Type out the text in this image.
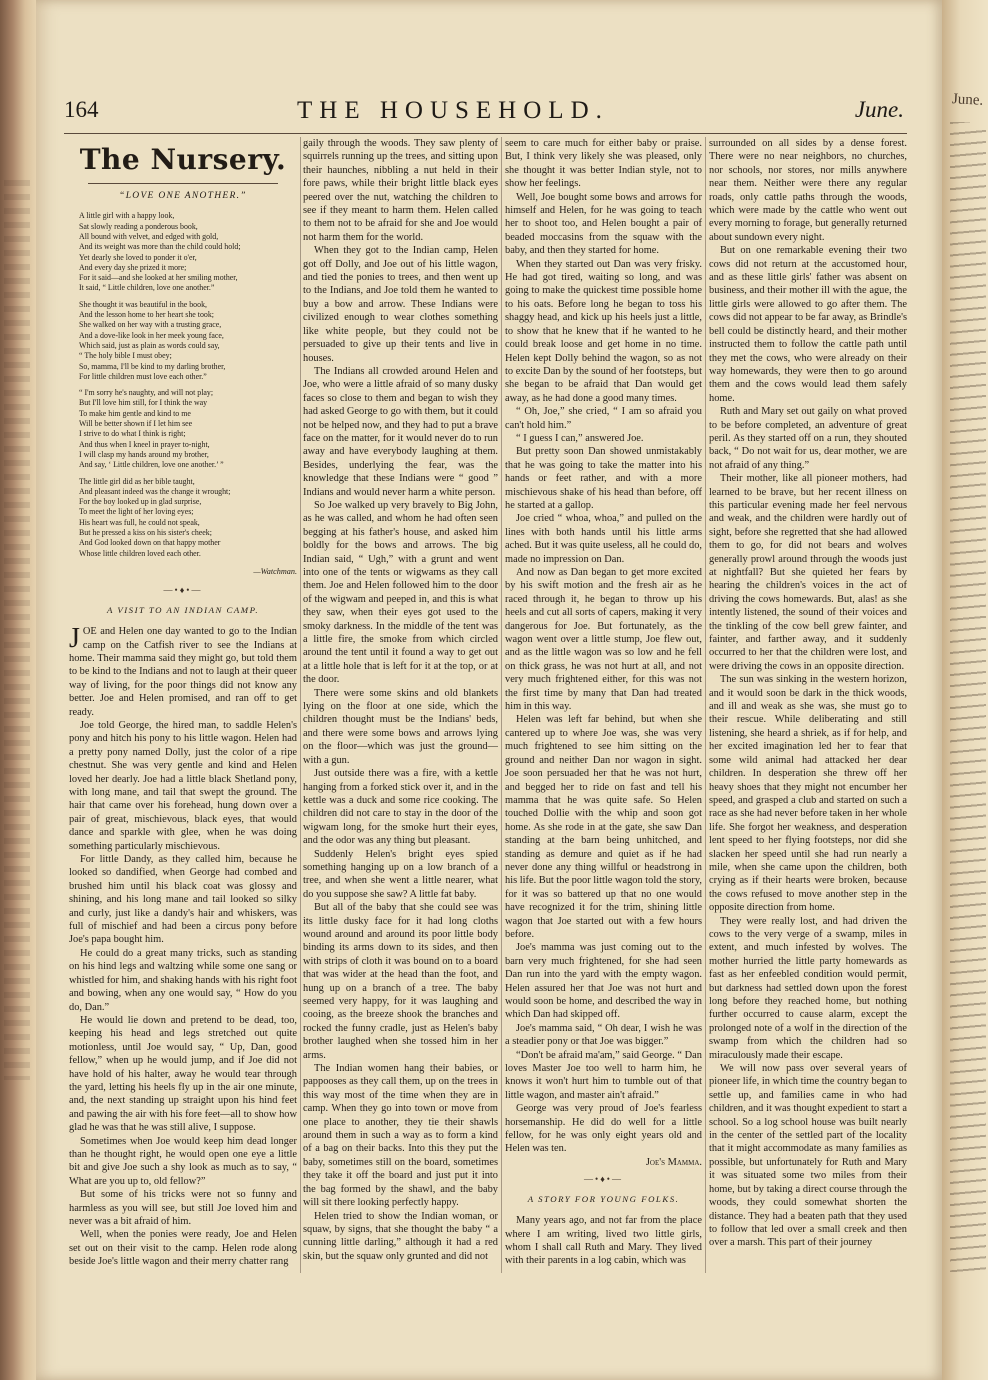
June.
164	THE HOUSEHOLD.	June.
The Nursery.
“LOVE ONE ANOTHER.”
A little girl with a happy look,
Sat slowly reading a ponderous book,
All bound with velvet, and edged with gold,
And its weight was more than the child could hold;
Yet dearly she loved to ponder it o'er,
And every day she prized it more;
For it said—and she looked at her smiling mother,
It said, “ Little children, love one another.”
She thought it was beautiful in the book,
And the lesson home to her heart she took;
She walked on her way with a trusting grace,
And a dove-like look in her meek young face,
Which said, just as plain as words could say,
“ The holy bible I must obey;
So, mamma, I'll be kind to my darling brother,
For little children must love each other.”
“ I'm sorry he's naughty, and will not play;
But I'll love him still, for I think the way
To make him gentle and kind to me
Will be better shown if I let him see
I strive to do what I think is right;
And thus when I kneel in prayer to-night,
I will clasp my hands around my brother,
And say, ‘ Little children, love one another.’ ”
The little girl did as her bible taught,
And pleasant indeed was the change it wrought;
For the boy looked up in glad surprise,
To meet the light of her loving eyes;
His heart was full, he could not speak,
But he pressed a kiss on his sister's cheek;
And God looked down on that happy mother
Whose little children loved each other.
—Watchman.
—•♦•—
A VISIT TO AN INDIAN CAMP.

JOE and Helen one day wanted to go to the Indian camp on the Catfish river to see the Indians at home. Their mamma said they might go, but told them to be kind to the Indians and not to laugh at their queer way of living, for the poor things did not know any better. Joe and Helen promised, and ran off to get ready.

Joe told George, the hired man, to saddle Helen's pony and hitch his pony to his little wagon. Helen had a pretty pony named Dolly, just the color of a ripe chestnut. She was very gentle and kind and Helen loved her dearly. Joe had a little black Shetland pony, with long mane, and tail that swept the ground. The hair that came over his forehead, hung down over a pair of great, mischievous, black eyes, that would dance and sparkle with glee, when he was doing something particularly mischievous.

For little Dandy, as they called him, because he looked so dandified, when George had combed and brushed him until his black coat was glossy and shining, and his long mane and tail looked so silky and curly, just like a dandy's hair and whiskers, was full of mischief and had been a circus pony before Joe's papa bought him.

He could do a great many tricks, such as standing on his hind legs and waltzing while some one sang or whistled for him, and shaking hands with his right foot and bowing, when any one would say, “ How do you do, Dan.”

He would lie down and pretend to be dead, too, keeping his head and legs stretched out quite motionless, until Joe would say, “ Up, Dan, good fellow,” when up he would jump, and if Joe did not have hold of his halter, away he would tear through the yard, letting his heels fly up in the air one minute, and, the next standing up straight upon his hind feet and pawing the air with his fore feet—all to show how glad he was that he was still alive, I suppose.

Sometimes when Joe would keep him dead longer than he thought right, he would open one eye a little bit and give Joe such a shy look as much as to say, “ What are you up to, old fellow?”

But some of his tricks were not so funny and harmless as you will see, but still Joe loved him and never was a bit afraid of him.

Well, when the ponies were ready, Joe and Helen set out on their visit to the camp. Helen rode along beside Joe's little wagon and their merry chatter rang

gaily through the woods. They saw plenty of squirrels running up the trees, and sitting upon their haunches, nibbling a nut held in their fore paws, while their bright little black eyes peered over the nut, watching the children to see if they meant to harm them. Helen called to them not to be afraid for she and Joe would not harm them for the world.

When they got to the Indian camp, Helen got off Dolly, and Joe out of his little wagon, and tied the ponies to trees, and then went up to the Indians, and Joe told them he wanted to buy a bow and arrow. These Indians were civilized enough to wear clothes something like white people, but they could not be persuaded to give up their tents and live in houses.

The Indians all crowded around Helen and Joe, who were a little afraid of so many dusky faces so close to them and began to wish they had asked George to go with them, but it could not be helped now, and they had to put a brave face on the matter, for it would never do to run away and have everybody laughing at them. Besides, underlying the fear, was the knowledge that these Indians were “ good ” Indians and would never harm a white person.

So Joe walked up very bravely to Big John, as he was called, and whom he had often seen begging at his father's house, and asked him boldly for the bows and arrows. The big Indian said, “ Ugh,” with a grunt and went into one of the tents or wigwams as they call them. Joe and Helen followed him to the door of the wigwam and peeped in, and this is what they saw, when their eyes got used to the smoky darkness. In the middle of the tent was a little fire, the smoke from which circled around the tent until it found a way to get out at a little hole that is left for it at the top, or at the door.

There were some skins and old blankets lying on the floor at one side, which the children thought must be the Indians' beds, and there were some bows and arrows lying on the floor—which was just the ground—with a gun.

Just outside there was a fire, with a kettle hanging from a forked stick over it, and in the kettle was a duck and some rice cooking. The children did not care to stay in the door of the wigwam long, for the smoke hurt their eyes, and the odor was any thing but pleasant.

Suddenly Helen's bright eyes spied something hanging up on a low branch of a tree, and when she went a little nearer, what do you suppose she saw? A little fat baby.

But all of the baby that she could see was its little dusky face for it had long cloths wound around and around its poor little body binding its arms down to its sides, and then with strips of cloth it was bound on to a board that was wider at the head than the foot, and hung up on a branch of a tree. The baby seemed very happy, for it was laughing and cooing, as the breeze shook the branches and rocked the funny cradle, just as Helen's baby brother laughed when she tossed him in her arms.

The Indian women hang their babies, or pappooses as they call them, up on the trees in this way most of the time when they are in camp. When they go into town or move from one place to another, they tie their shawls around them in such a way as to form a kind of a bag on their backs. Into this they put the baby, sometimes still on the board, sometimes they take it off the board and just put it into the bag formed by the shawl, and the baby will sit there looking perfectly happy.

Helen tried to show the Indian woman, or squaw, by signs, that she thought the baby “ a cunning little darling,” although it had a red skin, but the squaw only grunted and did not

seem to care much for either baby or praise. But, I think very likely she was pleased, only she thought it was better Indian style, not to show her feelings.

Well, Joe bought some bows and arrows for himself and Helen, for he was going to teach her to shoot too, and Helen bought a pair of beaded moccasins from the squaw with the baby, and then they started for home.

When they started out Dan was very frisky. He had got tired, waiting so long, and was going to make the quickest time possible home to his oats. Before long he began to toss his shaggy head, and kick up his heels just a little, to show that he knew that if he wanted to he could break loose and get home in no time. Helen kept Dolly behind the wagon, so as not to excite Dan by the sound of her footsteps, but she began to be afraid that Dan would get away, as he had done a good many times.

“ Oh, Joe,” she cried, “ I am so afraid you can't hold him.”

“ I guess I can,” answered Joe.

But pretty soon Dan showed unmistakably that he was going to take the matter into his hands or feet rather, and with a more mischievous shake of his head than before, off he started at a gallop.

Joe cried “ whoa, whoa,” and pulled on the lines with both hands until his little arms ached. But it was quite useless, all he could do, made no impression on Dan.

And now as Dan began to get more excited by his swift motion and the fresh air as he raced through it, he began to throw up his heels and cut all sorts of capers, making it very dangerous for Joe. But fortunately, as the wagon went over a little stump, Joe flew out, and as the little wagon was so low and he fell on thick grass, he was not hurt at all, and not very much frightened either, for this was not the first time by many that Dan had treated him in this way.

Helen was left far behind, but when she cantered up to where Joe was, she was very much frightened to see him sitting on the ground and neither Dan nor wagon in sight. Joe soon persuaded her that he was not hurt, and begged her to ride on fast and tell his mamma that he was quite safe. So Helen touched Dollie with the whip and soon got home. As she rode in at the gate, she saw Dan standing at the barn being unhitched, and standing as demure and quiet as if he had never done any thing willful or headstrong in his life. But the poor little wagon told the story, for it was so battered up that no one would have recognized it for the trim, shining little wagon that Joe started out with a few hours before.

Joe's mamma was just coming out to the barn very much frightened, for she had seen Dan run into the yard with the empty wagon. Helen assured her that Joe was not hurt and would soon be home, and described the way in which Dan had skipped off.

Joe's mamma said, “ Oh dear, I wish he was a steadier pony or that Joe was bigger.”

“Don't be afraid ma'am,” said George. “ Dan loves Master Joe too well to harm him, he knows it won't hurt him to tumble out of that little wagon, and master ain't afraid.”

George was very proud of Joe's fearless horsemanship. He did do well for a little fellow, for he was only eight years old and Helen was ten.

Joe's Mamma.

—•♦•—
A STORY FOR YOUNG FOLKS.

Many years ago, and not far from the place where I am writing, lived two little girls, whom I shall call Ruth and Mary. They lived with their parents in a log cabin, which was

surrounded on all sides by a dense forest. There were no near neighbors, no churches, nor schools, nor stores, nor mills anywhere near them. Neither were there any regular roads, only cattle paths through the woods, which were made by the cattle who went out every morning to forage, but generally returned about sundown every night.

But on one remarkable evening their two cows did not return at the accustomed hour, and as these little girls' father was absent on business, and their mother ill with the ague, the little girls were allowed to go after them. The cows did not appear to be far away, as Brindle's bell could be distinctly heard, and their mother instructed them to follow the cattle path until they met the cows, who were already on their way homewards, they were then to go around them and the cows would lead them safely home.

Ruth and Mary set out gaily on what proved to be before completed, an adventure of great peril. As they started off on a run, they shouted back, “ Do not wait for us, dear mother, we are not afraid of any thing.”

Their mother, like all pioneer mothers, had learned to be brave, but her recent illness on this particular evening made her feel nervous and weak, and the children were hardly out of sight, before she regretted that she had allowed them to go, for did not bears and wolves generally prowl around through the woods just at nightfall? But she quieted her fears by hearing the children's voices in the act of driving the cows homewards. But, alas! as she intently listened, the sound of their voices and the tinkling of the cow bell grew fainter, and fainter, and farther away, and it suddenly occurred to her that the children were lost, and were driving the cows in an opposite direction.

The sun was sinking in the western horizon, and it would soon be dark in the thick woods, and ill and weak as she was, she must go to their rescue. While deliberating and still listening, she heard a shriek, as if for help, and her excited imagination led her to fear that some wild animal had attacked her dear children. In desperation she threw off her heavy shoes that they might not encumber her speed, and grasped a club and started on such a race as she had never before taken in her whole life. She forgot her weakness, and desperation lent speed to her flying footsteps, nor did she slacken her speed until she had run nearly a mile, when she came upon the children, both crying as if their hearts were broken, because the cows refused to move another step in the opposite direction from home.

They were really lost, and had driven the cows to the very verge of a swamp, miles in extent, and much infested by wolves. The mother hurried the little party homewards as fast as her enfeebled condition would permit, but darkness had settled down upon the forest long before they reached home, but nothing further occurred to cause alarm, except the prolonged note of a wolf in the direction of the swamp from which the children had so miraculously made their escape.

We will now pass over several years of pioneer life, in which time the country began to settle up, and families came in who had children, and it was thought expedient to start a school. So a log school house was built nearly in the center of the settled part of the locality that it might accommodate as many families as possible, but unfortunately for Ruth and Mary it was situated some two miles from their home, but by taking a direct course through the woods, they could somewhat shorten the distance. They had a beaten path that they used to follow that led over a small creek and then over a marsh. This part of their journey
